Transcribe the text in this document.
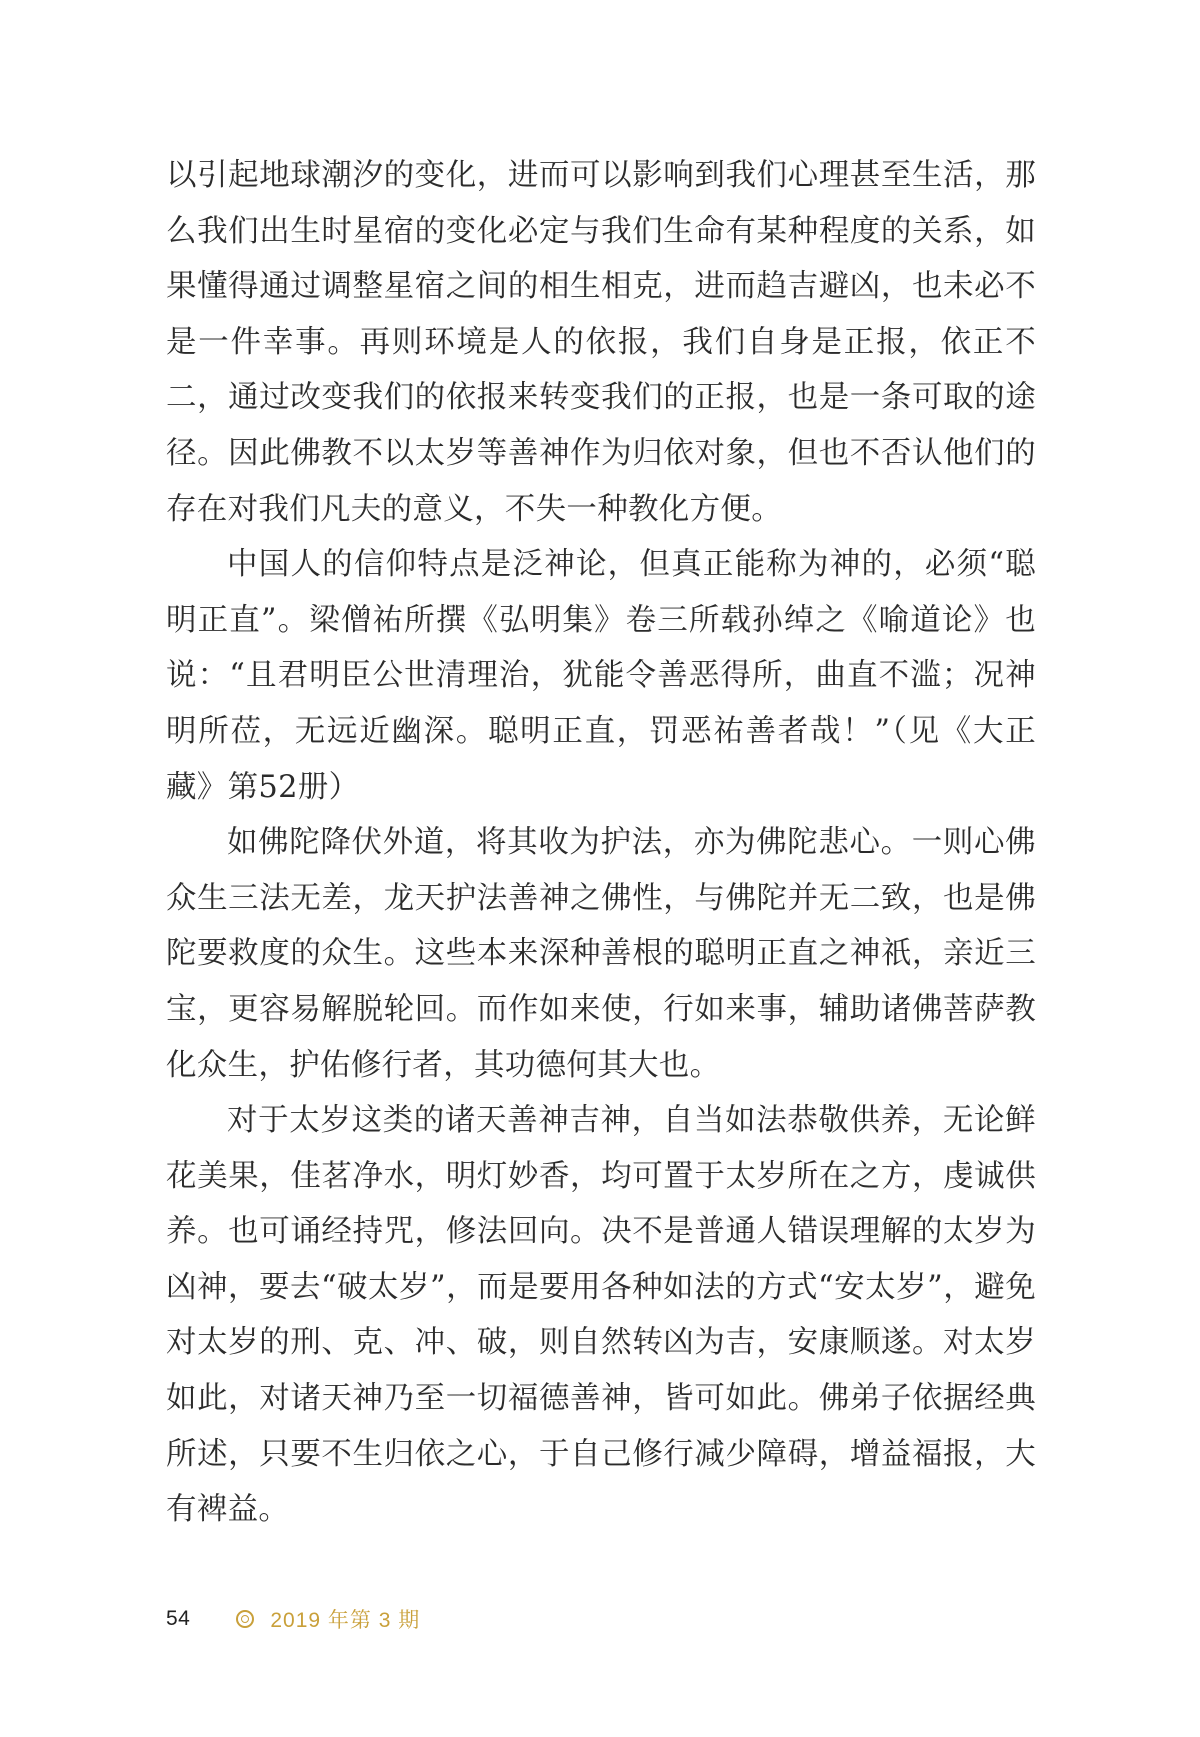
以引起地球潮汐的变化，进而可以影响到我们心理甚至生活，那么我们出生时星宿的变化必定与我们生命有某种程度的关系，如果懂得通过调整星宿之间的相生相克，进而趋吉避凶，也未必不是一件幸事。再则环境是人的依报，我们自身是正报，依正不二，通过改变我们的依报来转变我们的正报，也是一条可取的途径。因此佛教不以太岁等善神作为归依对象，但也不否认他们的存在对我们凡夫的意义，不失一种教化方便。

中国人的信仰特点是泛神论，但真正能称为神的，必须“聪明正直”。梁僧祐所撰《弘明集》卷三所载孙绰之《喻道论》也说：“且君明臣公世清理治，犹能令善恶得所，曲直不滥；况神明所莅，无远近幽深。聪明正直，罚恶祐善者哉！”（见《大正藏》第52册）

如佛陀降伏外道，将其收为护法，亦为佛陀悲心。一则心佛众生三法无差，龙天护法善神之佛性，与佛陀并无二致，也是佛陀要救度的众生。这些本来深种善根的聪明正直之神祇，亲近三宝，更容易解脱轮回。而作如来使，行如来事，辅助诸佛菩萨教化众生，护佑修行者，其功德何其大也。

对于太岁这类的诸天善神吉神，自当如法恭敬供养，无论鲜花美果，佳茗净水，明灯妙香，均可置于太岁所在之方，虔诚供养。也可诵经持咒，修法回向。决不是普通人错误理解的太岁为凶神，要去“破太岁”，而是要用各种如法的方式“安太岁”，避免对太岁的刑、克、冲、破，则自然转凶为吉，安康顺遂。对太岁如此，对诸天神乃至一切福德善神，皆可如此。佛弟子依据经典所述，只要不生归依之心，于自己修行减少障碍，增益福报，大有裨益。

54	2019 年第 3 期
